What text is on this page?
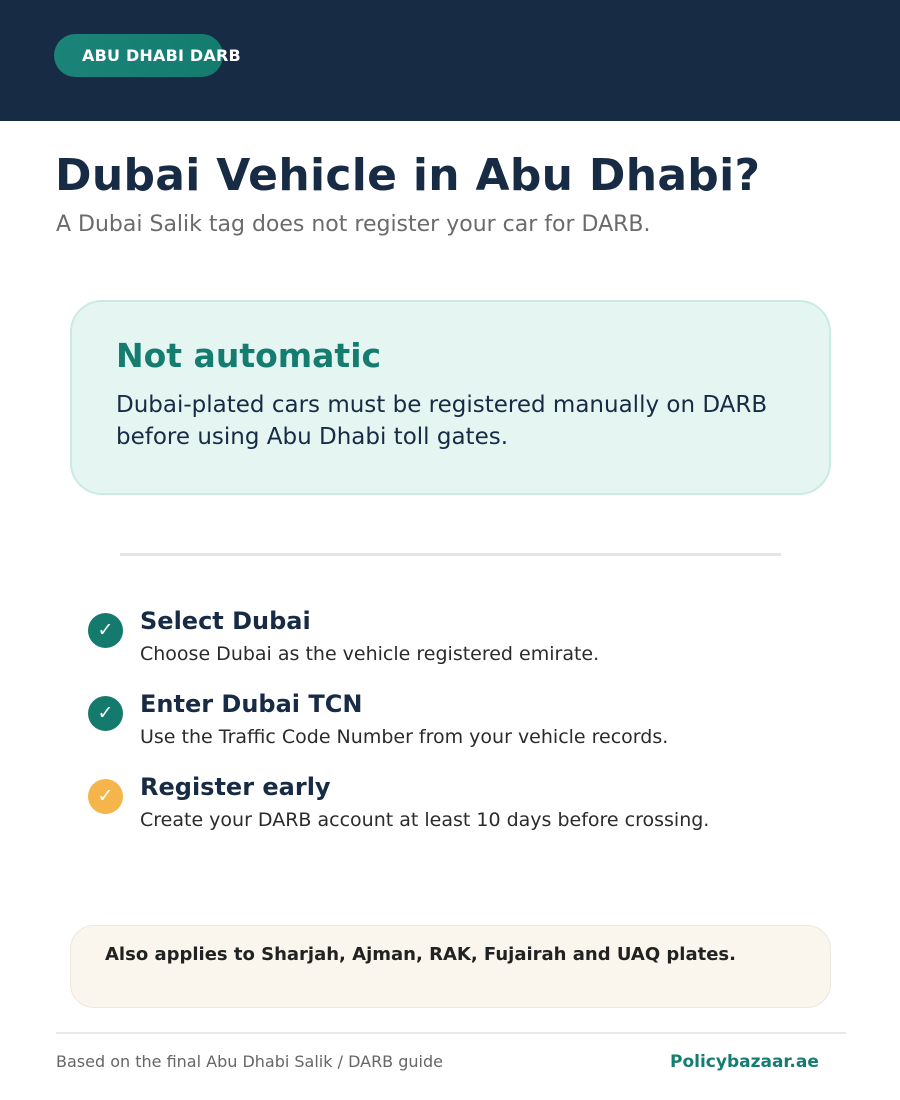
ABU DHABI DARB
Dubai Vehicle in Abu Dhabi?

A Dubai Salik tag does not register your car for DARB.

Not automatic
Dubai-plated cars must be registered manually on DARB before using Abu Dhabi toll gates.
✓	Select Dubai
Choose Dubai as the vehicle registered emirate.
✓	Enter Dubai TCN
Use the Traffic Code Number from your vehicle records.
✓	Register early
Create your DARB account at least 10 days before crossing.
Also applies to Sharjah, Ajman, RAK, Fujairah and UAQ plates.
Based on the final Abu Dhabi Salik / DARB guide	Policybazaar.ae
